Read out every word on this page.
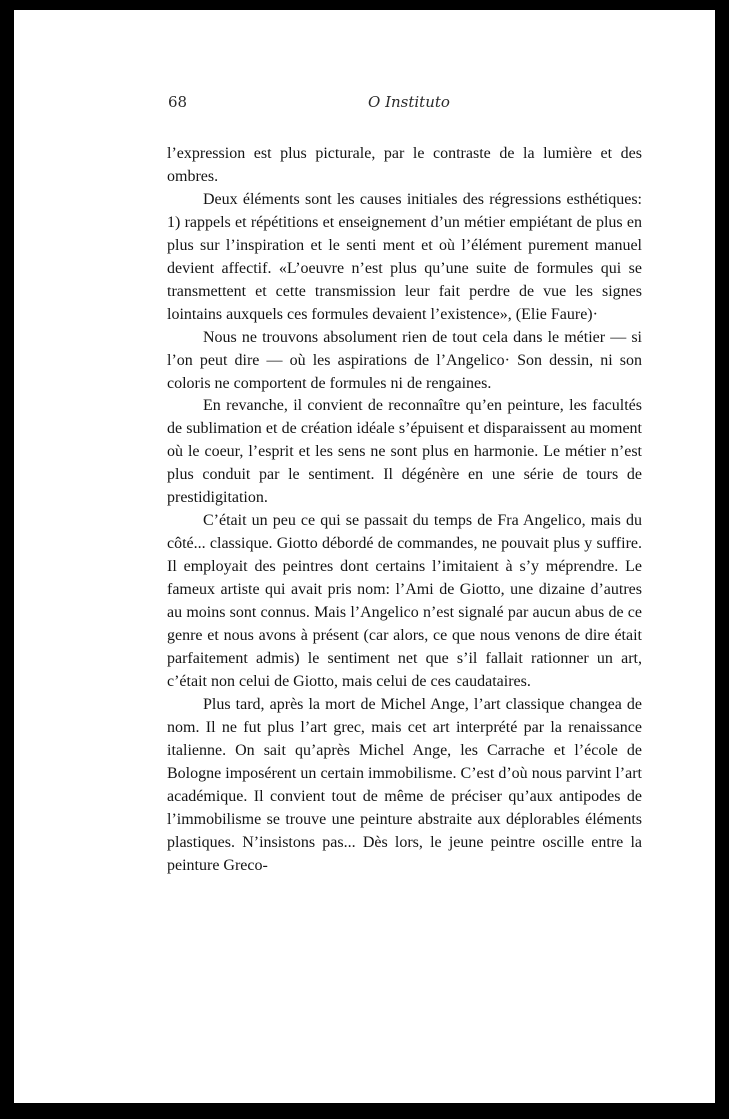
68	O Instituto

l’expression est plus picturale, par le contraste de la lumière et des ombres.

Deux éléments sont les causes initiales des régressions esthétiques: 1) rappels et répétitions et enseignement d’un métier empiétant de plus en plus sur l’inspiration et le senti ment et où l’élément purement manuel devient affectif. «L’oeuvre n’est plus qu’une suite de formules qui se transmettent et cette transmission leur fait perdre de vue les signes lointains auxquels ces formules devaient l’existence», (Elie Faure)·

Nous ne trouvons absolument rien de tout cela dans le métier — si l’on peut dire — où les aspirations de l’Angelico· Son dessin, ni son coloris ne comportent de formules ni de rengaines.

En revanche, il convient de reconnaître qu’en peinture, les facultés de sublimation et de création idéale s’épuisent et disparaissent au moment où le coeur, l’esprit et les sens ne sont plus en harmonie. Le métier n’est plus conduit par le sentiment. Il dégénère en une série de tours de prestidigitation.

C’était un peu ce qui se passait du temps de Fra Angelico, mais du côté... classique. Giotto débordé de commandes, ne pouvait plus y suffire. Il employait des peintres dont certains l’imitaient à s’y méprendre. Le fameux artiste qui avait pris nom: l’Ami de Giotto, une dizaine d’autres au moins sont connus. Mais l’Angelico n’est signalé par aucun abus de ce genre et nous avons à présent (car alors, ce que nous venons de dire était parfaitement admis) le sentiment net que s’il fallait rationner un art, c’était non celui de Giotto, mais celui de ces caudataires.

Plus tard, après la mort de Michel Ange, l’art classique changea de nom. Il ne fut plus l’art grec, mais cet art interprété par la renaissance italienne. On sait qu’après Michel Ange, les Carrache et l’école de Bologne imposérent un certain immobilisme. C’est d’où nous parvint l’art académique. Il convient tout de même de préciser qu’aux antipodes de l’immobilisme se trouve une peinture abstraite aux déplorables éléments plastiques. N’insistons pas... Dès lors, le jeune peintre oscille entre la peinture Greco-
